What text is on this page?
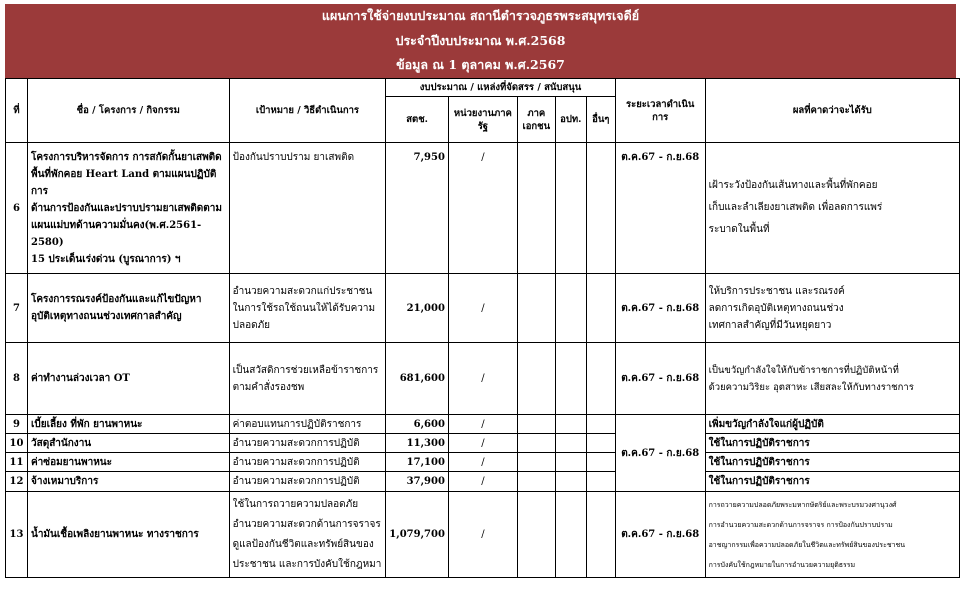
แผนการใช้จ่ายงบประมาณ สถานีตำรวจภูธรพระสมุทรเจดีย์
ประจำปีงบประมาณ พ.ศ.2568
ข้อมูล ณ 1 ตุลาคม พ.ศ.2567
ที่	ชื่อ / โครงการ / กิจกรรม	เป้าหมาย / วิธีดำเนินการ	งบประมาณ / แหล่งที่จัดสรร / สนับสนุน					ระยะเวลาดำเนินการ	ผลที่คาดว่าจะได้รับ
			สตช.	หน่วยงานภาครัฐ	ภาคเอกชน	อปท.	อื่นๆ		
6	โครงการบริหารจัดการ การสกัดกั้นยาเสพติด
พื้นที่พักคอย Heart Land ตามแผนปฏิบัติการ
ด้านการป้องกันและปราบปรามยาเสพติดตาม
แผนแม่บทด้านความมั่นคง(พ.ศ.2561-2580)
15 ประเด็นเร่งด่วน (บูรณาการ) ฯ	ป้องกันปราบปราม ยาเสพติด	7,950	/				ต.ค.67 - ก.ย.68	เฝ้าระวังป้องกันเส้นทางและพื้นที่พักคอย
เก็บและลำเลียงยาเสพติด เพื่อลดการแพร่
ระบาดในพื้นที่
7	โครงการรณรงค์ป้องกันและแก้ไขปัญหา
อุบัติเหตุทางถนนช่วงเทศกาลสำคัญ	อำนวยความสะดวกแก่ประชาชน
ในการใช้รถใช้ถนนให้ได้รับความ
ปลอดภัย	21,000	/				ต.ค.67 - ก.ย.68	ให้บริการประชาชน และรณรงค์
ลดการเกิดอุบัติเหตุทางถนนช่วง
เทศกาลสำคัญที่มีวันหยุดยาว
8	ค่าทำงานล่วงเวลา OT	เป็นสวัสดิการช่วยเหลือข้าราชการ
ตามคำสั่งรองชพ	681,600	/				ต.ค.67 - ก.ย.68	เป็นขวัญกำลังใจให้กับข้าราชการที่ปฏิบัติหน้าที่
ด้วยความวิริยะ อุตสาหะ เสียสละให้กับทางราชการ
9	เบี้ยเลี้ยง ที่พัก ยานพาหนะ	ค่าตอบแทนการปฏิบัติราชการ	6,600	/				ต.ค.67 - ก.ย.68	เพิ่มขวัญกำลังใจแก่ผู้ปฏิบัติ
10	วัสดุสำนักงาน	อำนวยความสะดวกการปฏิบัติ	11,300	/					ใช้ในการปฏิบัติราชการ
11	ค่าซ่อมยานพาหนะ	อำนวยความสะดวกการปฏิบัติ	17,100	/					ใช้ในการปฏิบัติราชการ
12	จ้างเหมาบริการ	อำนวยความสะดวกการปฏิบัติ	37,900	/					ใช้ในการปฏิบัติราชการ
13	น้ำมันเชื้อเพลิงยานพาหนะ ทางราชการ	ใช้ในการถวายความปลอดภัย
อำนวยความสะดวกด้านการจราจร
ดูแลป้องกันชีวิตและทรัพย์สินของ
ประชาชน และการบังคับใช้กฎหมา	1,079,700	/				ต.ค.67 - ก.ย.68	การถวายความปลอดภัยพระมหากษัตริย์และพระบรมวงศานุวงศ์
การอำนวยความสะดวกด้านการจราจร การป้องกันปราบปราม
อาชญากรรมเพื่อความปลอดภัยในชีวิตและทรัพย์สินของประชาชน
การบังคับใช้กฎหมายในการอำนวยความยุติธรรม
